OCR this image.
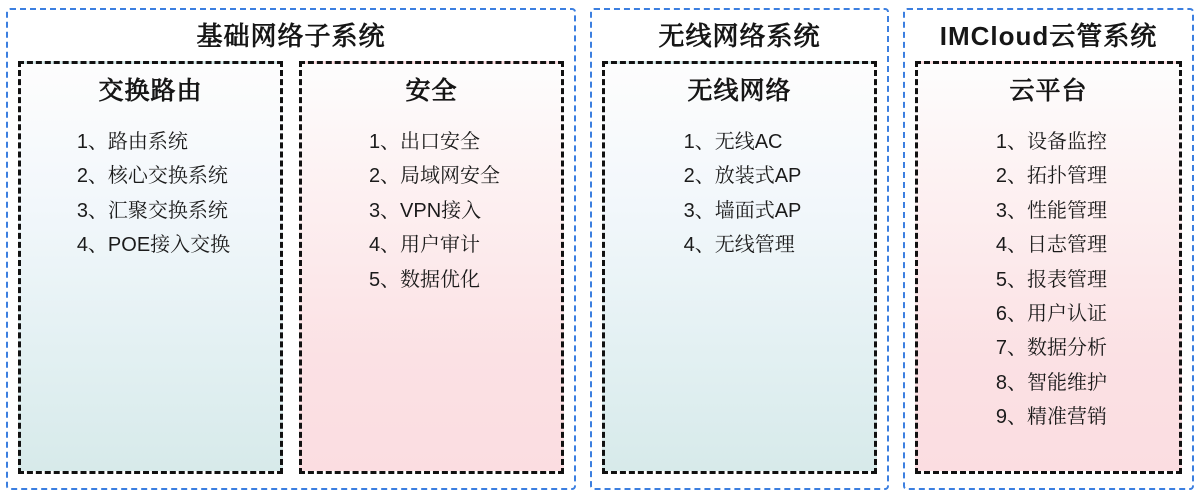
基础网络子系统
交换路由
1、路由系统
2、核心交换系统
3、汇聚交换系统
4、POE接入交换
安全
1、出口安全
2、局域网安全
3、VPN接入
4、用户审计
5、数据优化
无线网络系统
无线网络
1、无线AC
2、放装式AP
3、墙面式AP
4、无线管理
IMCloud云管系统
云平台
1、设备监控
2、拓扑管理
3、性能管理
4、日志管理
5、报表管理
6、用户认证
7、数据分析
8、智能维护
9、精准营销
